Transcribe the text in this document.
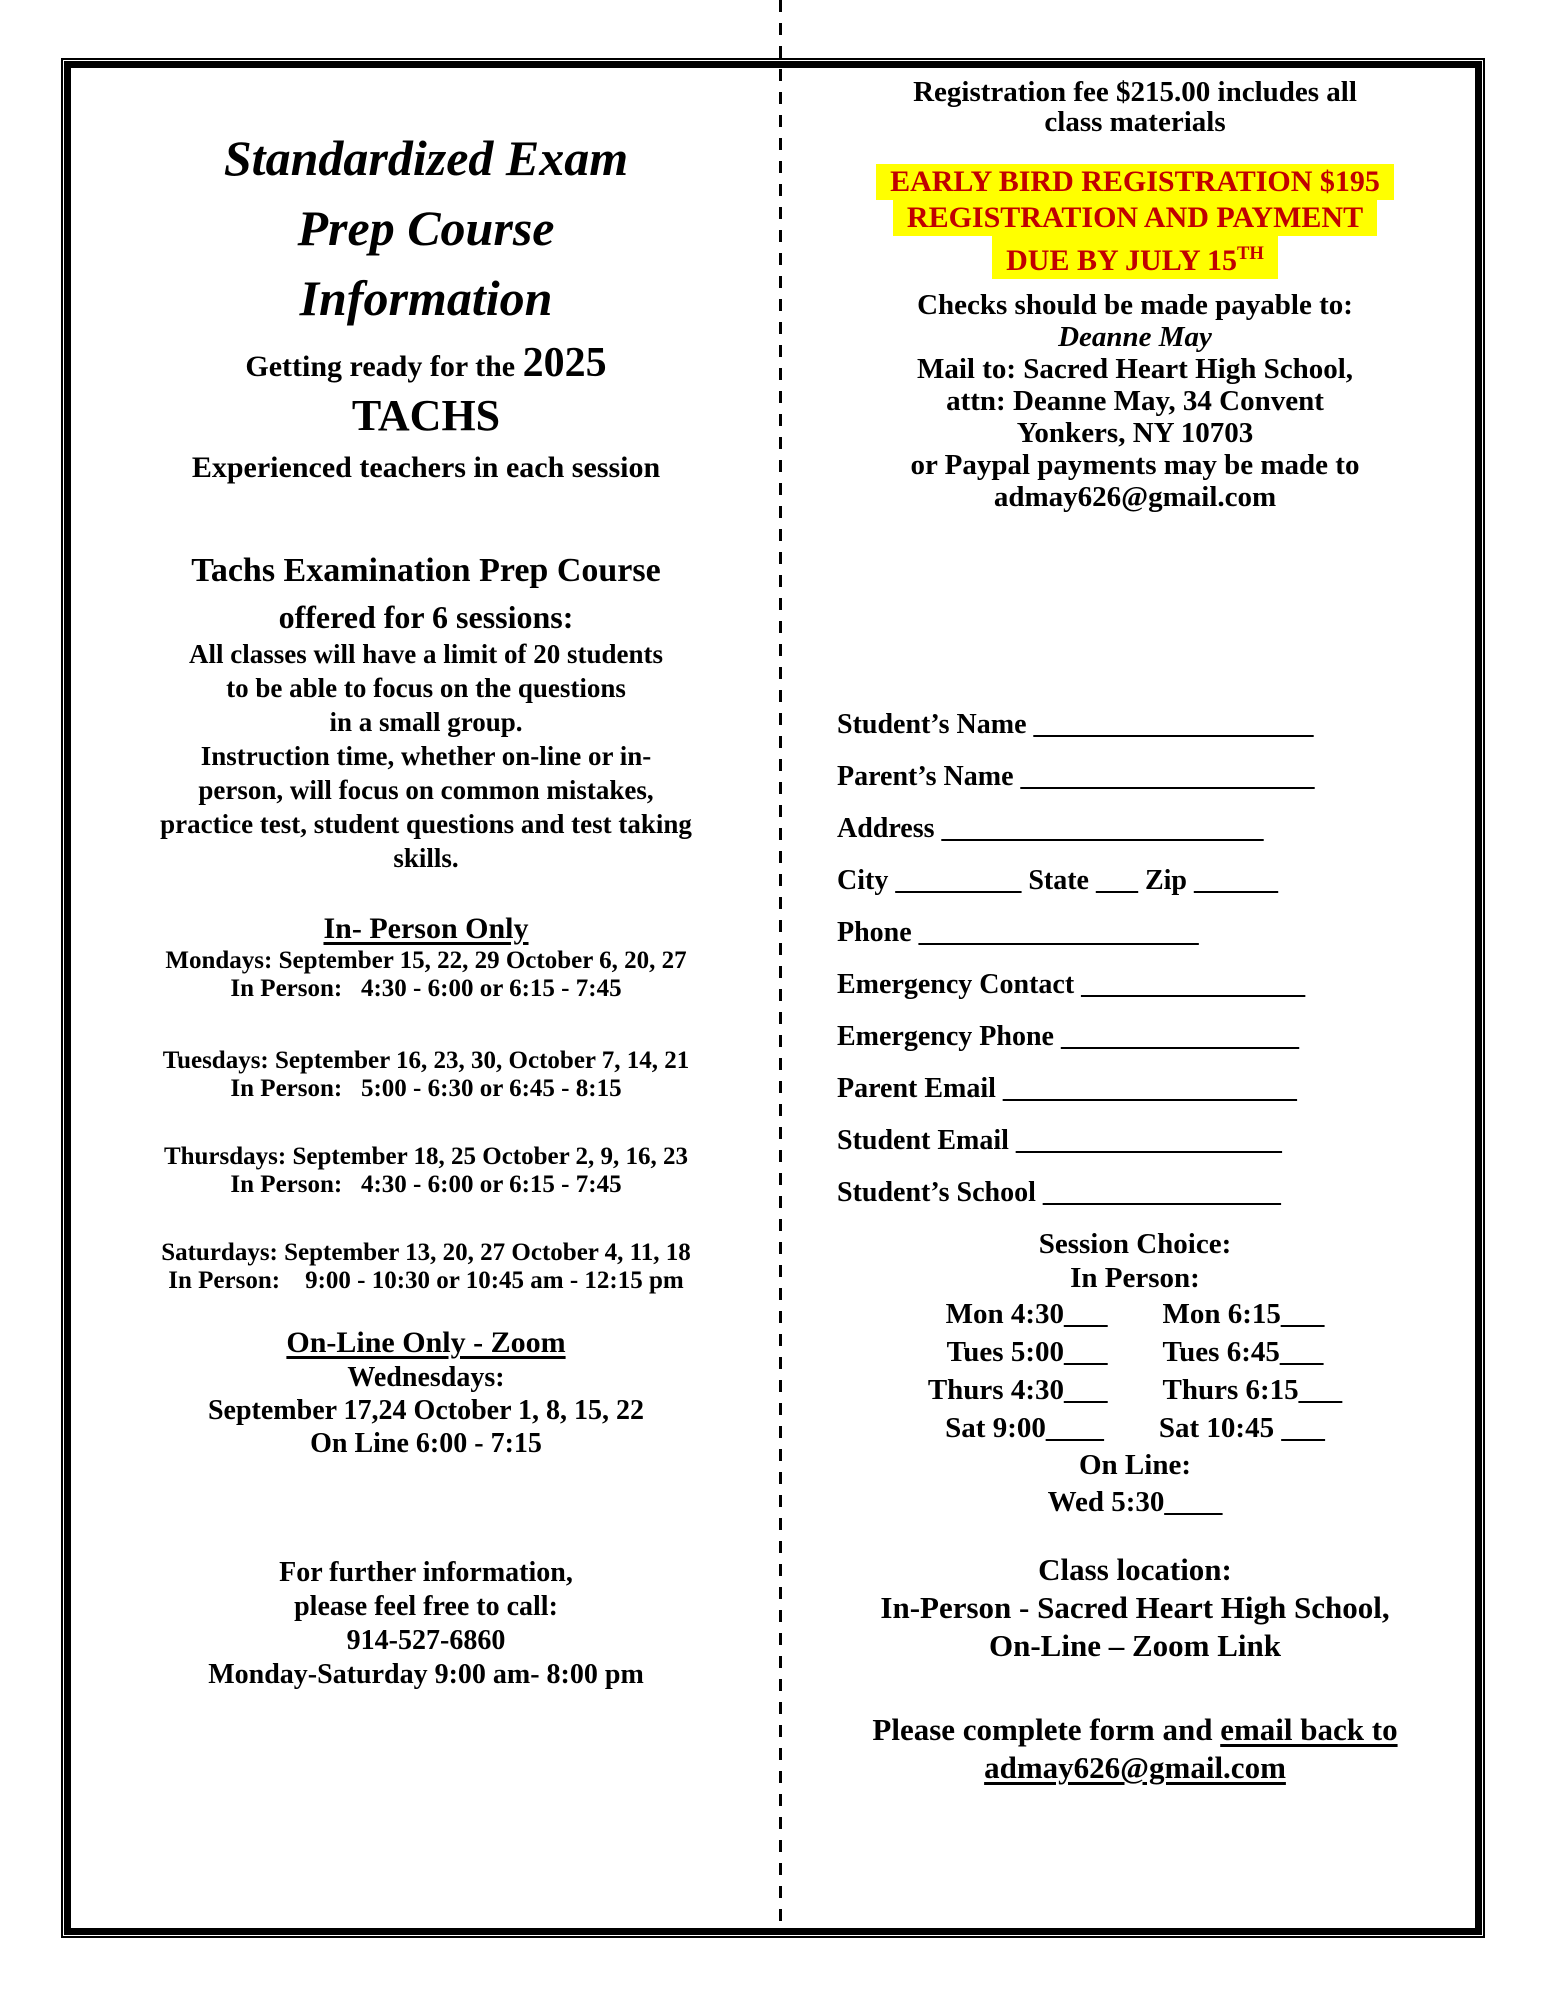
Standardized Exam
Prep Course
Information
Getting ready for the 2025
TACHS
Experienced teachers in each session
Tachs Examination Prep Course
offered for 6 sessions:
All classes will have a limit of 20 students
to be able to focus on the questions
in a small group.
Instruction time, whether on-line or in-
person, will focus on common mistakes,
practice test, student questions and test taking
skills.
In- Person Only
Mondays: September 15, 22, 29 October 6, 20, 27
In Person:   4:30 - 6:00 or 6:15 - 7:45
Tuesdays: September 16, 23, 30, October 7, 14, 21
In Person:   5:00 - 6:30 or 6:45 - 8:15
Thursdays: September 18, 25 October 2, 9, 16, 23
In Person:   4:30 - 6:00 or 6:15 - 7:45
Saturdays: September 13, 20, 27 October 4, 11, 18
In Person:    9:00 - 10:30 or 10:45 am - 12:15 pm
On-Line Only - Zoom
Wednesdays:
September 17,24 October 1, 8, 15, 22
On Line 6:00 - 7:15
For further information,
please feel free to call:
914-527-6860
Monday-Saturday 9:00 am- 8:00 pm
Registration fee $215.00 includes all
class materials
EARLY BIRD REGISTRATION $195
REGISTRATION AND PAYMENT
DUE BY JULY 15TH
Checks should be made payable to:
Deanne May
Mail to: Sacred Heart High School,
attn: Deanne May, 34 Convent
Yonkers, NY 10703
or Paypal payments may be made to
admay626@gmail.com
Student’s Name ____________________
Parent’s Name _____________________
Address _______________________
City _________ State ___ Zip ______
Phone ____________________
Emergency Contact ________________
Emergency Phone _________________
Parent Email _____________________
Student Email ___________________
Student’s School _________________
Session Choice:
In Person:
Mon 4:30___ Mon 6:15___
Tues 5:00___ Tues 6:45___
Thurs 4:30___ Thurs 6:15___
Sat 9:00____ Sat 10:45 ___
On Line:
Wed 5:30____
Class location:
In-Person - Sacred Heart High School,
On-Line – Zoom Link
Please complete form and email back to
admay626@gmail.com
